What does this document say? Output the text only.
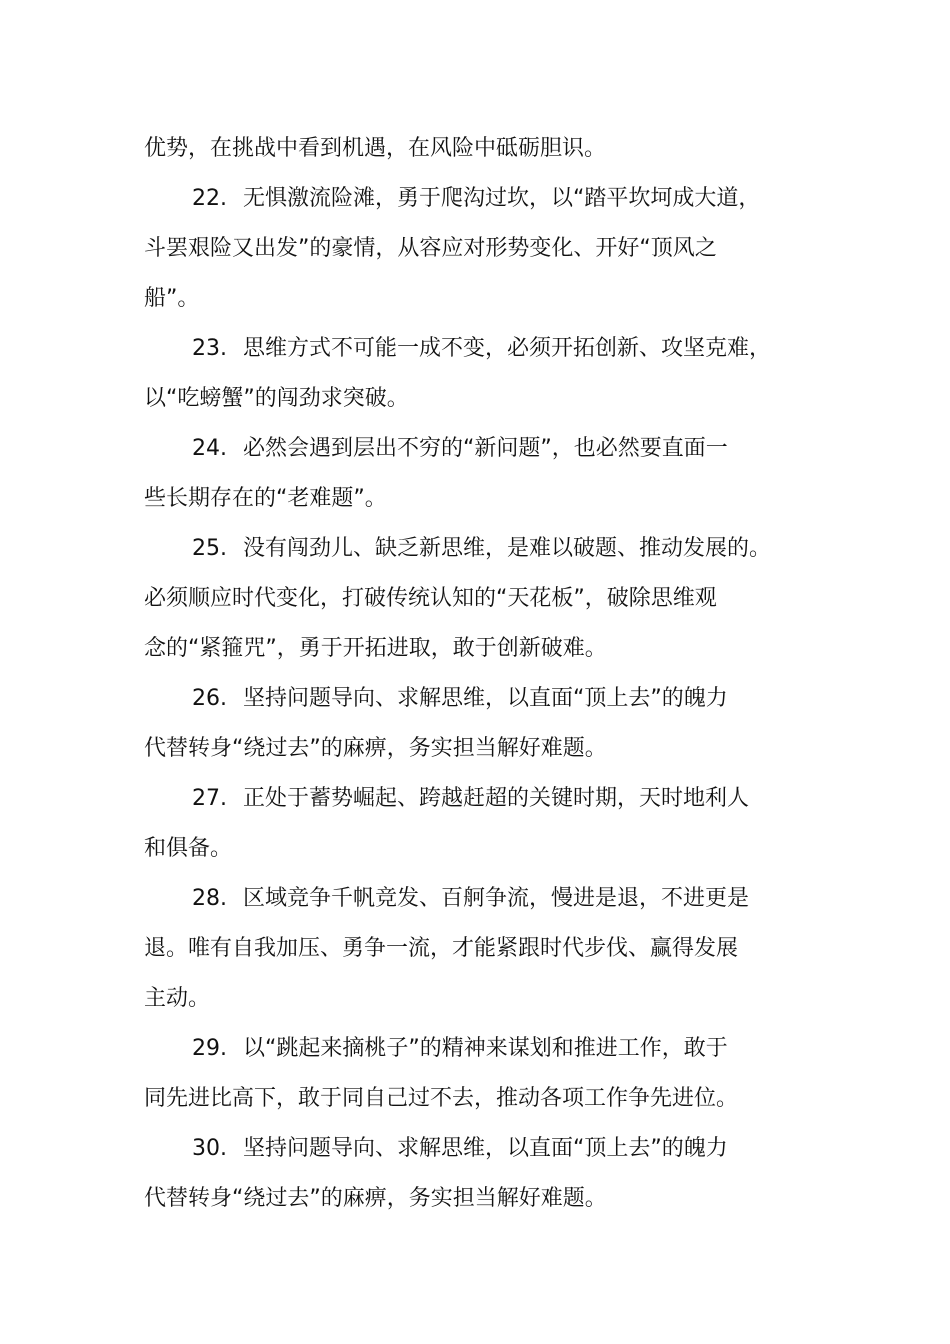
优势，在挑战中看到机遇，在风险中砥砺胆识。
22. 无惧激流险滩，勇于爬沟过坎，以“踏平坎坷成大道，
斗罢艰险又出发”的豪情，从容应对形势变化、开好“顶风之
船”。
23. 思维方式不可能一成不变，必须开拓创新、攻坚克难，
以“吃螃蟹”的闯劲求突破。
24. 必然会遇到层出不穷的“新问题”，也必然要直面一
些长期存在的“老难题”。
25. 没有闯劲儿、缺乏新思维，是难以破题、推动发展的。
必须顺应时代变化，打破传统认知的“天花板”，破除思维观
念的“紧箍咒”，勇于开拓进取，敢于创新破难。
26. 坚持问题导向、求解思维，以直面“顶上去”的魄力
代替转身“绕过去”的麻痹，务实担当解好难题。
27. 正处于蓄势崛起、跨越赶超的关键时期，天时地利人
和俱备。
28. 区域竞争千帆竞发、百舸争流，慢进是退，不进更是
退。唯有自我加压、勇争一流，才能紧跟时代步伐、赢得发展
主动。
29. 以“跳起来摘桃子”的精神来谋划和推进工作，敢于
同先进比高下，敢于同自己过不去，推动各项工作争先进位。
30. 坚持问题导向、求解思维，以直面“顶上去”的魄力
代替转身“绕过去”的麻痹，务实担当解好难题。
